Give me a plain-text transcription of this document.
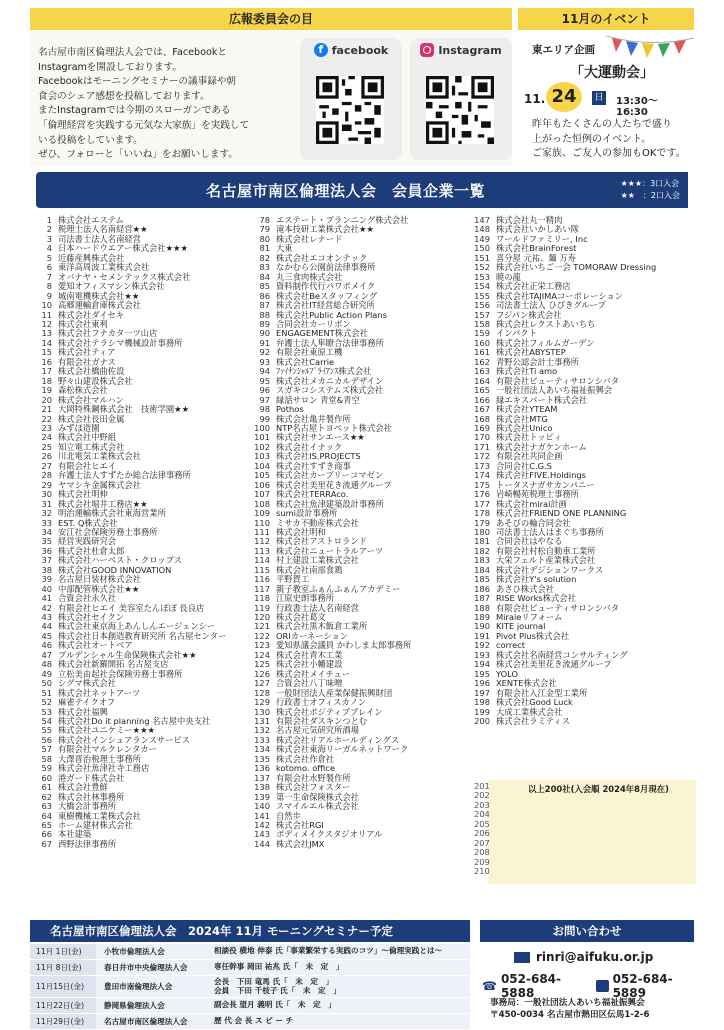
広報委員会の目

名古屋市南区倫理法人会では、Facebookと

Instagramを開設しております。

Facebookはモーニングセミナーの議事録や朝

食会のシェア感想を投稿しております。

またInstagramでは今期のスローガンである

「倫理経営を実践する元気な大家族」を実践して

いる投稿をしています。

ぜひ、フォローと「いいね」をお願いします。

f facebook	Instagram
11月のイベント
東エリア企画
「大運動会」
11. 24	日 13:30〜16:30
昨年もたくさんの人たちで盛り
上がった恒例のイベント。
ご家族、ご友人の参加もOKです。
名古屋市南区倫理法人会　会員企業一覧	★★★：3口入会
★★　：2口入会
1 株式会社エステム
2 税理士法人名南経営★★
3 司法書士法人名南経営
4 日本ハードウエアー株式会社★★★
5 近藤産興株式会社
6 東洋高周波工業株式会社
7 オバナヤ・セメンテックス株式会社
8 愛知オフィスマシン株式会社
9 城南電機株式会社★★
10 高郷運輸倉庫株式会社
11 株式会社ダイセキ
12 株式会社東利
13 株式会社フナカタ一ツ山店
14 株式会社テラシマ機械設計事務所
15 株式会社ティア
16 有限会社ガナス
17 株式会社橋曲佐設
18 野々山建設株式会社
19 森松株式会社
20 株式会社マルハン
21 大岡特殊鋼株式会社　技術学園★★
22 株式会社長田金属
23 みずほ造園
24 株式会社中野組
25 知立電工株式会社
26 川北電気工業株式会社
27 有限会社ヒエイ
28 弁護士法人すずたか総合法律事務所
29 ヤマシキ金属株式会社
30 株式会社明伸
31 株式会社堀井工務店★★
32 明治運輸株式会社東海営業所
33 EST. Q株式会社
34 安江社会保険労務士事務所
35 経営実践研究会
36 株式会社杜倉太郎
37 株式会社ハーベスト・クロップス
38 株式会社GOOD INNOVATION
39 名古屋日装材株式会社
40 中部配管株式会社★★
41 合資会社永久社
42 有限会社ヒエイ 美容室たんぽぽ 長良店
43 株式会社セイクン
44 株式会社東京海上あんしんエージェンシー
45 株式会社日本創造教育研究所 名古屋センター
46 株式会社オートベア
47 プルデンシャル生命保険株式会社★★
48 株式会社新羅開拓 名古屋支店
49 立松美由起社会保険労務士事務所
50 シグマ株式会社
51 株式会社ネットアーツ
52 麻雀テイクオフ
53 株式会社福興
54 株式会社Do it planning 名古屋中央支社
55 株式会社ユニケミー★★★
56 株式会社インシュアランスサービス
57 有限会社マルクレンタカー
58 大澤晋治税理士事務所
59 株式会社魚津社寺工務店
60 港ガード株式会社
61 株式会社豊鮮
62 株式会社林事務所
63 大橋会計事務所
64 東樹機械工業株式会社
65 ホーム建材株式会社
66 本社建築
67 西野法律事務所
78 エステート・プランニング株式会社
79 滝本技研工業株式会社★★
80 株式会社レナード
81 大東
82 株式会社エコオンテック
83 なかむら公園前法律事務所
84 丸三食肉株式会社
85 資料制作代行パワポメイク
86 株式会社Beスタッフィング
87 株式会社IT経営総合研究所
88 株式会社Public Action Plans
89 合同会社カーリボン
90 ENGAGEMENT株式会社
91 弁護士法人隼瞭合法律事務所
92 有限会社東原工機
93 株式会社Carrie
94 ﾌｧｲﾅﾝｼｬﾙﾌﾟﾗｲｱﾝｽ株式会社
95 株式会社メカニカルデザイン
96 スガキコシステムズ株式会社
97 縁話サロン 青堂&青空
98 Pothos
99 株式会社亀井製作所
100 NTP名古屋トヨペット株式会社
101 株式会社サンエース★★
102 株式会社イナック
103 株式会社IS.PROJECTS
104 株式会社すずき商事
105 株式会社カーブリーコマゼン
106 株式会社美里花き流通グループ
107 株式会社TERRAco.
108 株式会社魚津建築設計事務所
109 sumi設計事務所
110 ミサカ不動産株式会社
111 株式会社明和
112 株式会社アストロランド
113 株式会社ニュートラルアーツ
114 村上建設工業株式会社
115 株式会社南部食鶏
116 平野賀工
117 親子教室ふぁんふぁんアカデミー
118 江原史朗事務所
119 行政書士法人名南経営
120 株式会社葛文
121 株式会社黒木飯倉工業所
122 ORIカーネーション
123 愛知県議会議員 かわしま太郎事務所
124 株式会社青木工業
125 株式会社小幡建設
126 株式会社メイチュー
127 合資会社八丁味噌
128 一般財団法人産業保健振興財団
129 行政書士オフィスカノン
130 株式会社ポジティブブレイン
131 有限会社ダスキンつとむ
132 名古屋元気研究所酒場
133 株式会社リアルホールディングス
134 株式会社東海リーガルネットワーク
135 株式会社作倉社
136 kotomo. office
137 有限会社水野製作所
138 株式会社フォスター
139 第一生命保険株式会社
140 スマイルエル株式会社
141 自然歩
142 株式会社RGI
143 ボディメイクスタジオリアル
144 株式会社JMX
147 株式会社丸一精肉
148 株式会社いかしあい隊
149 ワールドファミリー, Inc
150 株式会社BrainForest
151 喜分屋 元祐、麺 万寿
152 株式会社いちご一会 TOMORAW Dressing
153 暁の龍
154 株式会社正栄工務店
155 株式会社TAJIMAコーポレーション
156 司法書士法人 ひびきグループ
157 フジパン株式会社
158 株式会社レクストあいちち
159 インパクト
160 株式会社フィルムガーデン
161 株式会社ABYSTEP
162 青野公認会計士事務所
163 株式会社Ti amo
164 有限会社ビューティサロンシバタ
165 一般社団法人あいち福祉振興会
166 縁エキスパート株式会社
167 株式会社YTEAM
168 株式会社MTG
169 株式会社Unico
170 株式会社トッピィ
171 株式会社ナガケンホーム
172 有限会社共同企画
173 合同会社C.G.S
174 株式会社FIVE.Holdings
175 トータスナガサカンパニー
176 岩崎暢苑税理士事務所
177 株式会社mirai計画
178 株式会社FRIEND ONE PLANNING
179 あそびの輪合同会社
180 司法書士法人はまぐち事務所
181 合同会社はやなる
182 有限会社村松自動車工業所
183 大栄フェルト産業株式会社
184 株式会社デジションワークス
185 株式会社Y's solution
186 あさひ株式会社
187 RISE Works株式会社
188 有限会社ビューティサロンシバタ
189 Miraieリフォーム
190 KITE journal
191 Pivot Plus株式会社
192 correct
193 株式会社名南経営コンサルティング
194 株式会社美里花き流通グループ
195 YOLO
196 XENTE株式会社
197 有限会社入江金型工業所
198 株式会社Good Luck
199 大成工業株式会社
200 株式会社ラミティス
201
202
203
204
205
206
207
208
209
210
以上200社(入会順 2024年8月現在)
名古屋市南区倫理法人会　2024年 11月 モーニングセミナー予定
11月 1日(金)	小牧市倫理法人会	相談役 横地 伸泰 氏「事業繁栄する実践のコツ」〜倫理実践とは〜
11月 8日(金)	春日井市中央倫理法人会	専任幹事 岡田 祐兆 氏「　未　定　」
11月15日(金)	豊田市南倫理法人会
会長　下田 竜馬 氏「　未　定　」
会員　下田 千枝子 氏「　未　定　」
11月22日(金)	静岡県倫理法人会	副会長 望月 義明 氏「　未　定　」
11月29日(金)	名古屋市南区倫理法人会	歴 代 会 長 ス ピ ー チ
お問い合わせ
rinri@aifuku.or.jp
☎ 052-684-5888
052-684-5889
事務局：一般社団法人あいち福祉振興会
〒450-0034 名古屋市熱田区伝馬1-2-6
